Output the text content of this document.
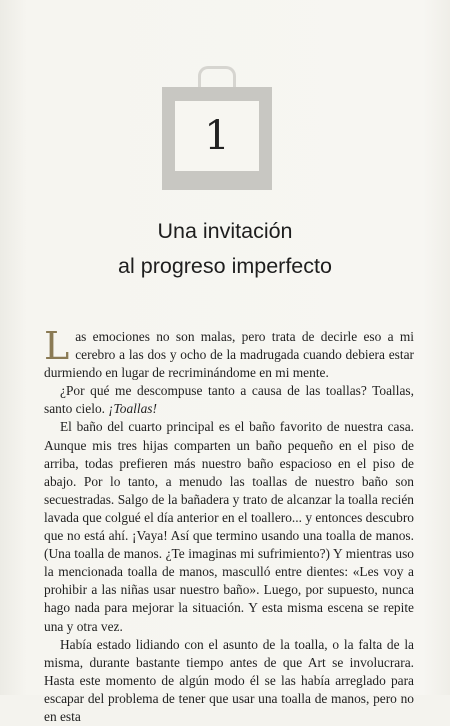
1
Una invitación
al progreso imperfecto

Las emociones no son malas, pero trata de decirle eso a mi cerebro a las dos y ocho de la madrugada cuando debiera estar durmiendo en lugar de recriminándome en mi mente.

¿Por qué me descompuse tanto a causa de las toallas? Toallas, santo cielo. ¡Toallas!

El baño del cuarto principal es el baño favorito de nuestra casa. Aunque mis tres hijas comparten un baño pequeño en el piso de arriba, todas prefieren más nuestro baño espacioso en el piso de abajo. Por lo tanto, a menudo las toallas de nuestro baño son secuestradas. Salgo de la bañadera y trato de alcanzar la toalla recién lavada que colgué el día anterior en el toallero... y entonces descubro que no está ahí. ¡Vaya! Así que termino usando una toalla de manos. (Una toalla de manos. ¿Te imaginas mi sufrimiento?) Y mientras uso la mencionada toalla de manos, masculló entre dientes: «Les voy a prohibir a las niñas usar nuestro baño». Luego, por supuesto, nunca hago nada para mejorar la situación. Y esta misma escena se repite una y otra vez.

Había estado lidiando con el asunto de la toalla, o la falta de la misma, durante bastante tiempo antes de que Art se involucrara. Hasta este momento de algún modo él se las había arreglado para escapar del problema de tener que usar una toalla de manos, pero no en esta
